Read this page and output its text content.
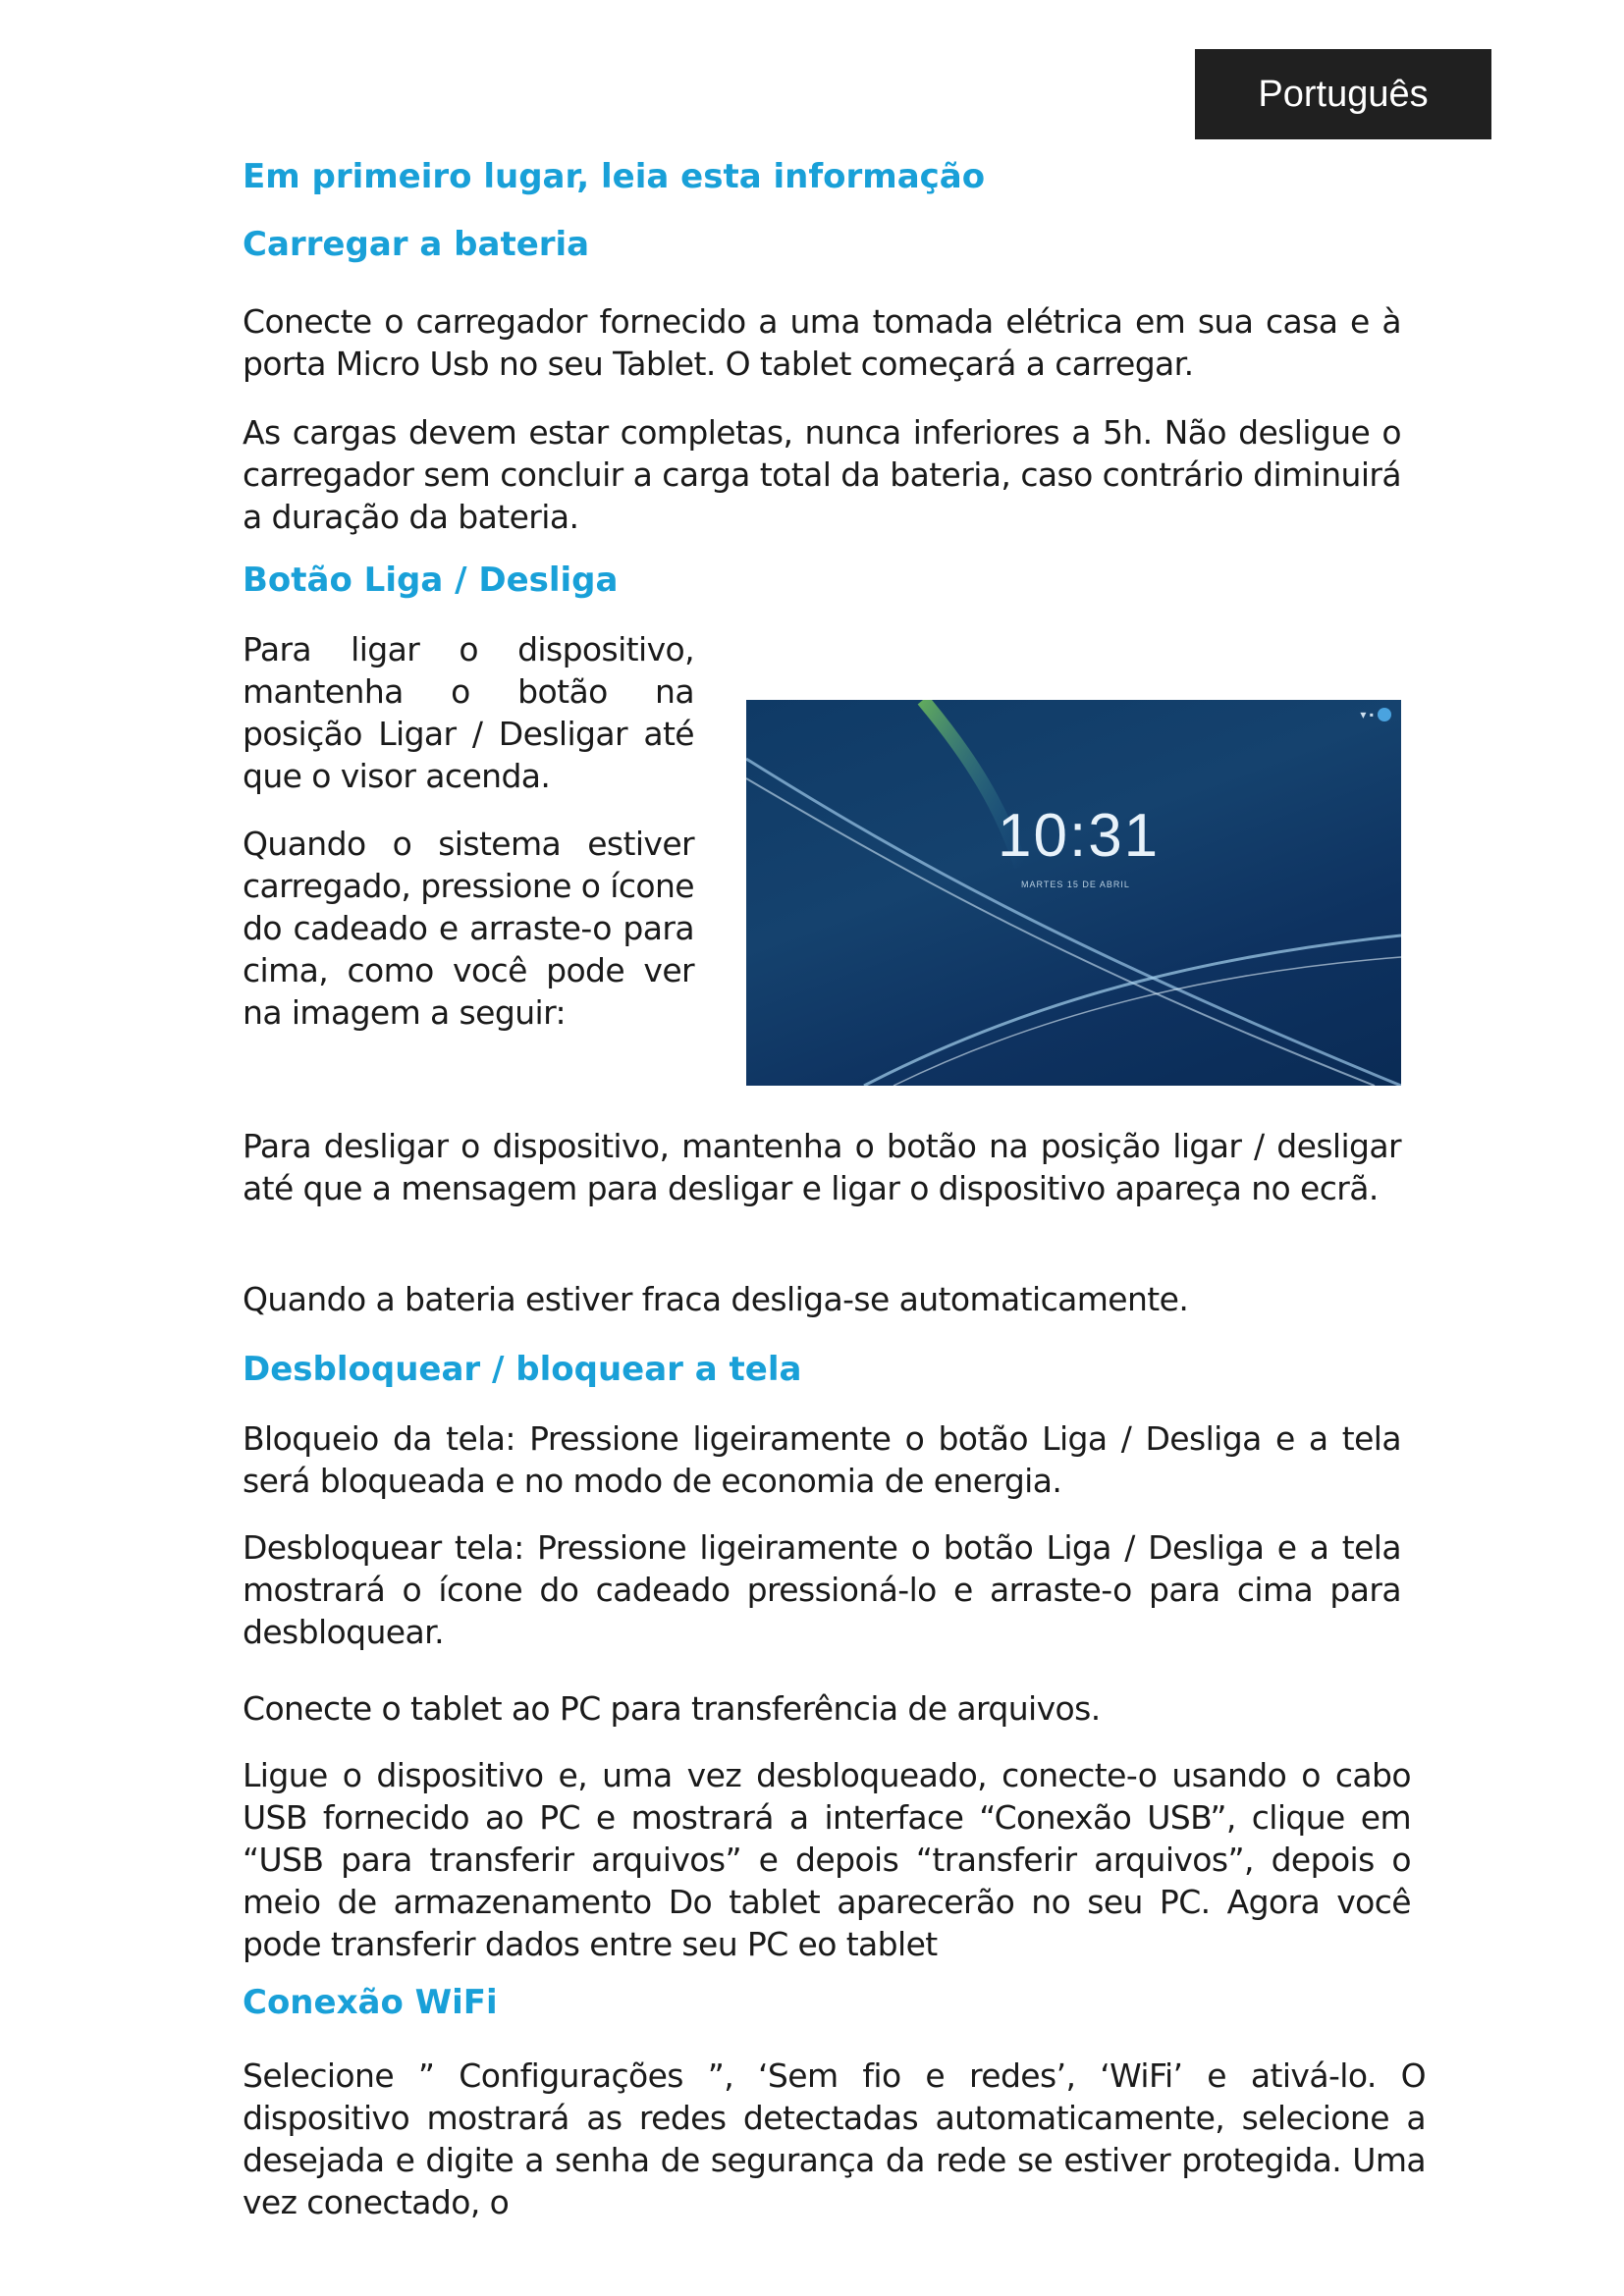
Português
Em primeiro lugar, leia esta informação
Carregar a bateria

Conecte o carregador fornecido a uma tomada elétrica em sua casa e à porta Micro Usb no seu Tablet. O tablet começará a carregar.

As cargas devem estar completas, nunca inferiores a 5h. Não desligue o carregador sem concluir a carga total da bateria, caso contrário diminuirá a duração da bateria.

Botão Liga / Desliga

Para ligar o dispositivo, mantenha o botão na posição Ligar / Desligar até que o visor acenda.

Quando o sistema estiver carregado, pressione o ícone do cadeado e arraste-o para cima, como você pode ver na imagem a seguir:

Para desligar o dispositivo, mantenha o botão na posição ligar / desligar até que a mensagem para desligar e ligar o dispositivo apareça no ecrã.

Quando a bateria estiver fraca desliga-se automaticamente.

Desbloquear / bloquear a tela

Bloqueio da tela: Pressione ligeiramente o botão Liga / Desliga e a tela será bloqueada e no modo de economia de energia.

Desbloquear tela: Pressione ligeiramente o botão Liga / Desliga e a tela mostrará o ícone do cadeado pressioná-lo e arraste-o para cima para desbloquear.

Conecte o tablet ao PC para transferência de arquivos.

Ligue o dispositivo e, uma vez desbloqueado, conecte-o usando o cabo USB fornecido ao PC e mostrará a interface “Conexão USB”, clique em “USB para transferir arquivos” e depois “transferir arquivos”, depois o meio de armazenamento Do tablet aparecerão no seu PC. Agora você pode transferir dados entre seu PC eo tablet

Conexão WiFi

Selecione ” Configurações ”, ‘Sem fio e redes’, ‘WiFi’ e ativá-lo. O dispositivo mostrará as redes detectadas automaticamente, selecione a desejada e digite a senha de segurança da rede se estiver protegida. Uma vez conectado, o

▾ ▪
10:31
MARTES 15 DE ABRIL
